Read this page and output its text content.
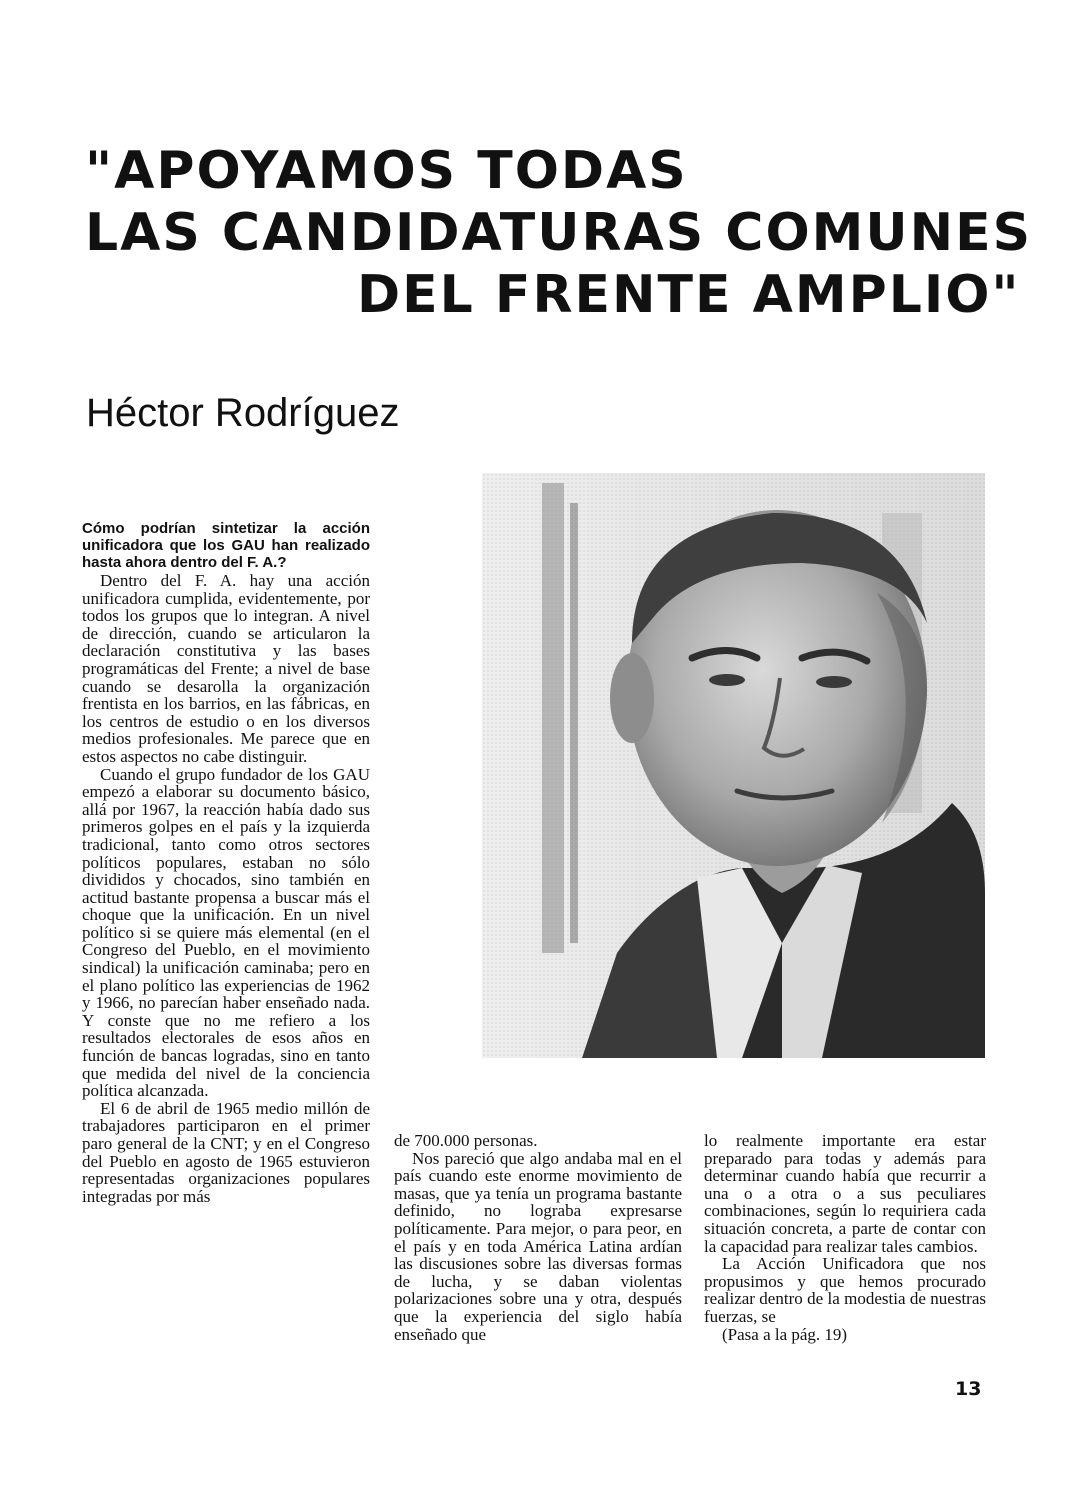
"APOYAMOS TODAS
LAS CANDIDATURAS COMUNES
DEL FRENTE AMPLIO"
Héctor Rodríguez

Cómo podrían sintetizar la acción unificadora que los GAU han realizado hasta ahora dentro del F. A.?

Dentro del F. A. hay una acción unificadora cumplida, evidentemente, por todos los grupos que lo integran. A nivel de dirección, cuando se articularon la declaración constitutiva y las bases programáticas del Frente; a nivel de base cuando se desarolla la organización frentista en los barrios, en las fábricas, en los centros de estudio o en los diversos medios profesionales. Me parece que en estos aspectos no cabe distinguir.

Cuando el grupo fundador de los GAU empezó a elaborar su documento básico, allá por 1967, la reacción había dado sus primeros golpes en el país y la izquierda tradicional, tanto como otros sectores políticos populares, estaban no sólo divididos y chocados, sino también en actitud bastante propensa a buscar más el choque que la unificación. En un nivel político si se quiere más elemental (en el Congreso del Pueblo, en el movimiento sindical) la unificación caminaba; pero en el plano político las experiencias de 1962 y 1966, no parecían haber enseñado nada. Y conste que no me refiero a los resultados electorales de esos años en función de bancas logradas, sino en tanto que medida del nivel de la conciencia política alcanzada.

El 6 de abril de 1965 medio millón de trabajadores participaron en el primer paro general de la CNT; y en el Congreso del Pueblo en agosto de 1965 estuvieron representadas organizaciones populares integradas por más

de 700.000 personas.

Nos pareció que algo andaba mal en el país cuando este enorme movimiento de masas, que ya tenía un programa bastante definido, no lograba expresarse políticamente. Para mejor, o para peor, en el país y en toda América Latina ardían las discusiones sobre las diversas formas de lucha, y se daban violentas polarizaciones sobre una y otra, después que la experiencia del siglo había enseñado que

lo realmente importante era estar preparado para todas y además para determinar cuando había que recurrir a una o a otra o a sus peculiares combinaciones, según lo requiriera cada situación concreta, a parte de contar con la capacidad para realizar tales cambios.

La Acción Unificadora que nos propusimos y que hemos procurado realizar dentro de la modestia de nuestras fuerzas, se

(Pasa a la pág. 19)

13
